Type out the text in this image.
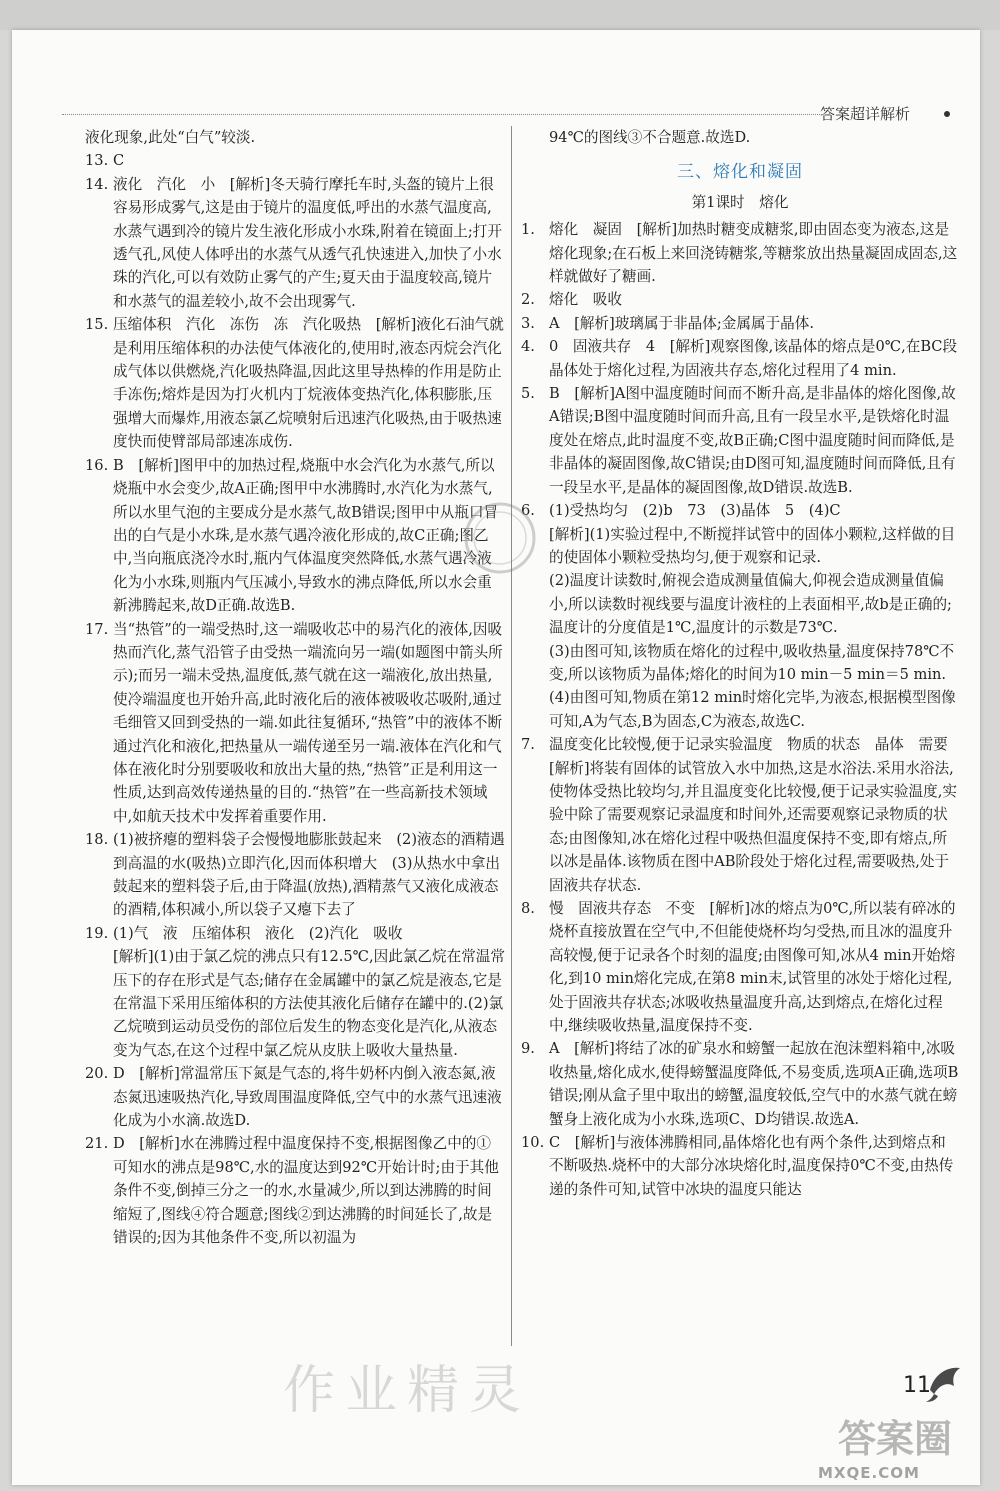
答案超详解析
液化现象,此处“白气”较淡.
13. C
14. 液化　汽化　小　[解析]冬天骑行摩托车时,头盔的镜片上很容易形成雾气,这是由于镜片的温度低,呼出的水蒸气温度高,水蒸气遇到冷的镜片发生液化形成小水珠,附着在镜面上;打开透气孔,风使人体呼出的水蒸气从透气孔快速进入,加快了小水珠的汽化,可以有效防止雾气的产生;夏天由于温度较高,镜片和水蒸气的温差较小,故不会出现雾气.
15. 压缩体积　汽化　冻伤　冻　汽化吸热　[解析]液化石油气就是利用压缩体积的办法使气体液化的,使用时,液态丙烷会汽化成气体以供燃烧,汽化吸热降温,因此这里导热棒的作用是防止手冻伤;熔炸是因为打火机内丁烷液体变热汽化,体积膨胀,压强增大而爆炸,用液态氯乙烷喷射后迅速汽化吸热,由于吸热速度快而使臂部局部速冻成伤.
16. B　[解析]图甲中的加热过程,烧瓶中水会汽化为水蒸气,所以烧瓶中水会变少,故A正确;图甲中水沸腾时,水汽化为水蒸气,所以水里气泡的主要成分是水蒸气,故B错误;图甲中从瓶口冒出的白气是小水珠,是水蒸气遇冷液化形成的,故C正确;图乙中,当向瓶底浇冷水时,瓶内气体温度突然降低,水蒸气遇冷液化为小水珠,则瓶内气压减小,导致水的沸点降低,所以水会重新沸腾起来,故D正确.故选B.
17. 当“热管”的一端受热时,这一端吸收芯中的易汽化的液体,因吸热而汽化,蒸气沿管子由受热一端流向另一端(如题图中箭头所示);而另一端未受热,温度低,蒸气就在这一端液化,放出热量,使冷端温度也开始升高,此时液化后的液体被吸收芯吸附,通过毛细管又回到受热的一端.如此往复循环,“热管”中的液体不断通过汽化和液化,把热量从一端传递至另一端.液体在汽化和气体在液化时分别要吸收和放出大量的热,“热管”正是利用这一性质,达到高效传递热量的目的.“热管”在一些高新技术领域中,如航天技术中发挥着重要作用.
18. (1)被挤瘪的塑料袋子会慢慢地膨胀鼓起来　(2)液态的酒精遇到高温的水(吸热)立即汽化,因而体积增大　(3)从热水中拿出鼓起来的塑料袋子后,由于降温(放热),酒精蒸气又液化成液态的酒精,体积减小,所以袋子又瘪下去了
19. (1)气　液　压缩体积　液化　(2)汽化　吸收
[解析](1)由于氯乙烷的沸点只有12.5℃,因此氯乙烷在常温常压下的存在形式是气态;储存在金属罐中的氯乙烷是液态,它是在常温下采用压缩体积的方法使其液化后储存在罐中的.(2)氯乙烷喷到运动员受伤的部位后发生的物态变化是汽化,从液态变为气态,在这个过程中氯乙烷从皮肤上吸收大量热量.
20. D　[解析]常温常压下氮是气态的,将牛奶杯内倒入液态氮,液态氮迅速吸热汽化,导致周围温度降低,空气中的水蒸气迅速液化成为小水滴.故选D.
21. D　[解析]水在沸腾过程中温度保持不变,根据图像乙中的①可知水的沸点是98℃,水的温度达到92℃开始计时;由于其他条件不变,倒掉三分之一的水,水量减少,所以到达沸腾的时间缩短了,图线④符合题意;图线②到达沸腾的时间延长了,故是错误的;因为其他条件不变,所以初温为
94℃的图线③不合题意.故选D.
三、熔化和凝固
第1课时　熔化
1. 熔化　凝固　[解析]加热时糖变成糖浆,即由固态变为液态,这是熔化现象;在石板上来回浇铸糖浆,等糖浆放出热量凝固成固态,这样就做好了糖画.
2. 熔化　吸收
3. A　[解析]玻璃属于非晶体;金属属于晶体.
4. 0　固液共存　4　[解析]观察图像,该晶体的熔点是0℃,在BC段晶体处于熔化过程,为固液共存态,熔化过程用了4 min.
5. B　[解析]A图中温度随时间而不断升高,是非晶体的熔化图像,故A错误;B图中温度随时间而升高,且有一段呈水平,是铁熔化时温度处在熔点,此时温度不变,故B正确;C图中温度随时间而降低,是非晶体的凝固图像,故C错误;由D图可知,温度随时间而降低,且有一段呈水平,是晶体的凝固图像,故D错误.故选B.
6. (1)受热均匀　(2)b　73　(3)晶体　5　(4)C
[解析](1)实验过程中,不断搅拌试管中的固体小颗粒,这样做的目的使固体小颗粒受热均匀,便于观察和记录.
(2)温度计读数时,俯视会造成测量值偏大,仰视会造成测量值偏小,所以读数时视线要与温度计液柱的上表面相平,故b是正确的;温度计的分度值是1℃,温度计的示数是73℃.
(3)由图可知,该物质在熔化的过程中,吸收热量,温度保持78℃不变,所以该物质为晶体;熔化的时间为10 min－5 min＝5 min.
(4)由图可知,物质在第12 min时熔化完毕,为液态,根据模型图像可知,A为气态,B为固态,C为液态,故选C.
7. 温度变化比较慢,便于记录实验温度　物质的状态　晶体　需要
[解析]将装有固体的试管放入水中加热,这是水浴法.采用水浴法,使物体受热比较均匀,并且温度变化比较慢,便于记录实验温度,实验中除了需要观察记录温度和时间外,还需要观察记录物质的状态;由图像知,冰在熔化过程中吸热但温度保持不变,即有熔点,所以冰是晶体.该物质在图中AB阶段处于熔化过程,需要吸热,处于固液共存状态.
8. 慢　固液共存态　不变　[解析]冰的熔点为0℃,所以装有碎冰的烧杯直接放置在空气中,不但能使烧杯均匀受热,而且冰的温度升高较慢,便于记录各个时刻的温度;由图像可知,冰从4 min开始熔化,到10 min熔化完成,在第8 min末,试管里的冰处于熔化过程,处于固液共存状态;冰吸收热量温度升高,达到熔点,在熔化过程中,继续吸收热量,温度保持不变.
9. A　[解析]将结了冰的矿泉水和螃蟹一起放在泡沫塑料箱中,冰吸收热量,熔化成水,使得螃蟹温度降低,不易变质,选项A正确,选项B错误;刚从盒子里中取出的螃蟹,温度较低,空气中的水蒸气就在螃蟹身上液化成为小水珠,选项C、D均错误.故选A.
10. C　[解析]与液体沸腾相同,晶体熔化也有两个条件,达到熔点和不断吸热.烧杯中的大部分冰块熔化时,温度保持0℃不变,由热传递的条件可知,试管中冰块的温度只能达
作业精灵	11
答案圈
MXQE.COM
